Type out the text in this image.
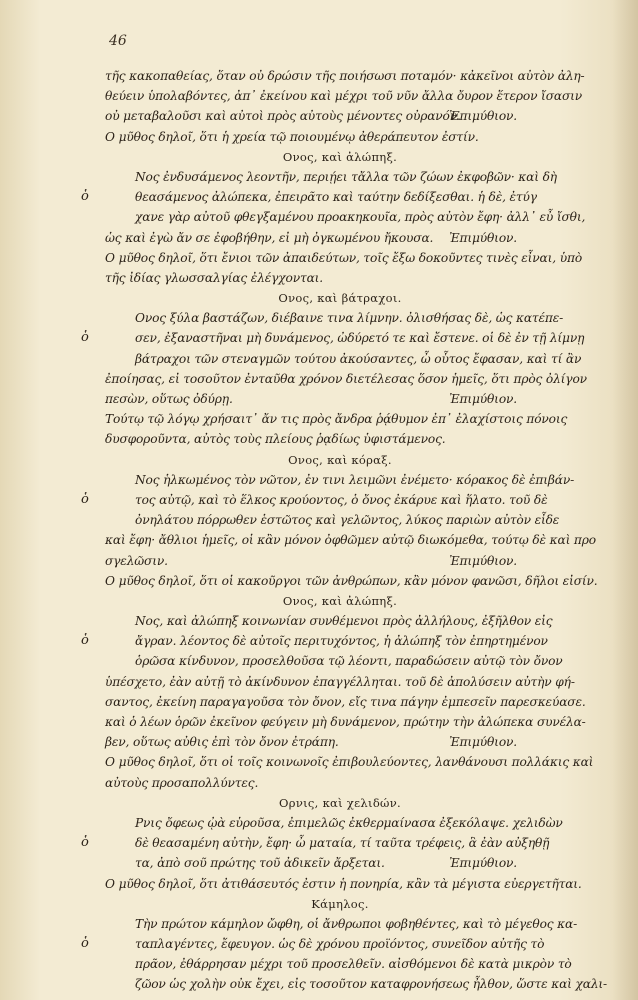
46
τῆς κακοπαθείας, ὅταν οὐ δρώσιν τῆς ποιήσωσι ποταμόν· κἀκεῖνοι αὐτὸν ἀλη-
θεύειν ὑπολαβόντες, ἀπ᾽ ἐκείνου καὶ μέχρι τοῦ νῦν ἄλλα ὄυρον ἕτερον ἴσασιν
οὐ μεταβαλοῦσι καὶ αὐτοὶ πρὸς αὐτοὺς μένοντες οὐρανόν.
Ἐπιμύθιον.
Ο μῦθος δηλοῖ, ὅτι ἡ χρεία τῷ ποιουμένῳ ἀθεράπευτον ἐστίν.
Ονος, καὶ ἀλώπηξ.
Νος ἐνδυσάμενος λεοντῆν, περιῄει τἄλλα τῶν ζώων ἐκφοβῶν· καὶ δὴ
θεασάμενος ἀλώπεκα, ἐπειρᾶτο καὶ ταύτην δεδίξεσθαι. ἡ δὲ, ἐτύγ
ὁ
χανε γὰρ αὐτοῦ φθεγξαμένου προακηκουῖα, πρὸς αὐτὸν ἔφη· ἀλλ᾽ εὖ ἴσθι,
ὡς καὶ ἐγὼ ἄν σε ἐφοβήθην, εἰ μὴ ὀγκωμένου ἤκουσα. Ἐπιμύθιον.
Ο μῦθος δηλοῖ, ὅτι ἔνιοι τῶν ἀπαιδεύτων, τοῖς ἔξω δοκοῦντες τινὲς εἶναι, ὑπὸ
τῆς ἰδίας γλωσσαλγίας ἐλέγχονται.
Ονος, καὶ βάτραχοι.
Ονος ξύλα βαστάζων, διέβαινε τινα λίμνην. ὀλισθήσας δὲ, ὡς κατέπε-
σεν, ἐξαναστῆναι μὴ δυνάμενος, ὠδύρετό τε καὶ ἔστενε. οἱ δὲ ἐν τῇ λίμνῃ
ὁ
βάτραχοι τῶν στεναγμῶν τούτου ἀκούσαντες, ὦ οὗτος ἔφασαν, καὶ τί ἂν
ἐποίησας, εἰ τοσοῦτον ἐνταῦθα χρόνον διετέλεσας ὅσον ἡμεῖς, ὅτι πρὸς ὀλίγον
πεσὼν, οὕτως ὀδύρῃ.	Ἐπιμύθιον.
Τούτῳ τῷ λόγῳ χρήσαιτ᾽ ἄν τις πρὸς ἄνδρα ῥᾴθυμον ἐπ᾽ ἐλαχίστοις πόνοις
δυσφοροῦντα, αὐτὸς τοὺς πλείους ῥᾳδίως ὑφιστάμενος.
Ονος, καὶ κόραξ.
Νος ἡλκωμένος τὸν νῶτον, ἐν τινι λειμῶνι ἐνέμετο· κόρακος δὲ ἐπιβάν-
τος αὐτῷ, καὶ τὸ ἕλκος κρούοντος, ὁ ὄνος ἐκάρυε καὶ ἥλατο. τοῦ δὲ
ὁ
ὀνηλάτου πόρρωθεν ἑστῶτος καὶ γελῶντος, λύκος παριὼν αὐτὸν εἶδε
καὶ ἔφη· ἄθλιοι ἡμεῖς, οἱ κἂν μόνον ὀφθῶμεν αὐτῷ διωκόμεθα, τούτῳ δὲ καὶ προ
σγελῶσιν.	Ἐπιμύθιον.
Ο μῦθος δηλοῖ, ὅτι οἱ κακοῦργοι τῶν ἀνθρώπων, κἂν μόνον φανῶσι, δῆλοι εἰσίν.
Ονος, καὶ ἀλώπηξ.
Νος, καὶ ἀλώπηξ κοινωνίαν συνθέμενοι πρὸς ἀλλήλους, ἐξῆλθον εἰς
ἄγραν. λέοντος δὲ αὐτοῖς περιτυχόντος, ἡ ἀλώπηξ τὸν ἐπηρτημένον
ὁ
ὁρῶσα κίνδυνον, προσελθοῦσα τῷ λέοντι, παραδώσειν αὐτῷ τὸν ὄνον
ὑπέσχετο, ἐὰν αὐτῇ τὸ ἀκίνδυνον ἐπαγγέλληται. τοῦ δὲ ἀπολύσειν αὐτὴν φή-
σαντος, ἐκείνη παραγαγοῦσα τὸν ὄνον, εἴς τινα πάγην ἐμπεσεῖν παρεσκεύασε.
καὶ ὁ λέων ὁρῶν ἐκεῖνον φεύγειν μὴ δυνάμενον, πρώτην τὴν ἀλώπεκα συνέλα-
βεν, οὕτως αὐθις ἐπὶ τὸν ὄνον ἐτράπη.	Ἐπιμύθιον.
Ο μῦθος δηλοῖ, ὅτι οἱ τοῖς κοινωνοῖς ἐπιβουλεύοντες, λανθάνουσι πολλάκις καὶ
αὐτοὺς προσαπολλύντες.
Ορνις, καὶ χελιδών.
Ρνις ὄφεως ᾠὰ εὑροῦσα, ἐπιμελῶς ἐκθερμαίνασα ἐξεκόλαψε. χελιδὼν
δὲ θεασαμένη αὐτὴν, ἔφη· ὦ ματαία, τί ταῦτα τρέφεις, ἃ ἐὰν αὐξηθῇ
ὁ
τα, ἀπὸ σοῦ πρώτης τοῦ ἀδικεῖν ἄρξεται.	Ἐπιμύθιον.
Ο μῦθος δηλοῖ, ὅτι ἀτιθάσευτός ἐστιν ἡ πονηρία, κἂν τὰ μέγιστα εὐεργετῆται.
Κάμηλος.
Τὴν πρώτον κάμηλον ὤφθη, οἱ ἄνθρωποι φοβηθέντες, καὶ τὸ μέγεθος κα-
ταπλαγέντες, ἔφευγον. ὡς δὲ χρόνου προϊόντος, συνεῖδον αὐτῆς τὸ
ὁ
πρᾶον, ἐθάρρησαν μέχρι τοῦ προσελθεῖν. αἰσθόμενοι δὲ κατὰ μικρὸν τὸ
ζῶον ὡς χολὴν οὐκ ἔχει, εἰς τοσοῦτον καταφρονήσεως ἦλθον, ὥστε καὶ χαλι-
